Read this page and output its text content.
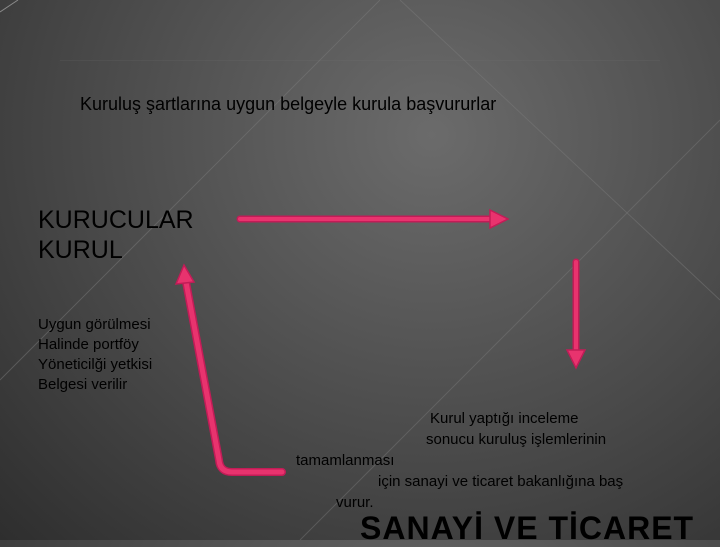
Kuruluş şartlarına uygun belgeyle kurula başvururlar
KURUCULAR
KURUL
Uygun görülmesi
Halinde portföy
Yöneticilği yetkisi
Belgesi verilir
Kurul yaptığı inceleme
sonucu kuruluş işlemlerinin
tamamlanması
için sanayi ve ticaret bakanlığına baş
vurur.
SANAYİ VE TİCARET
